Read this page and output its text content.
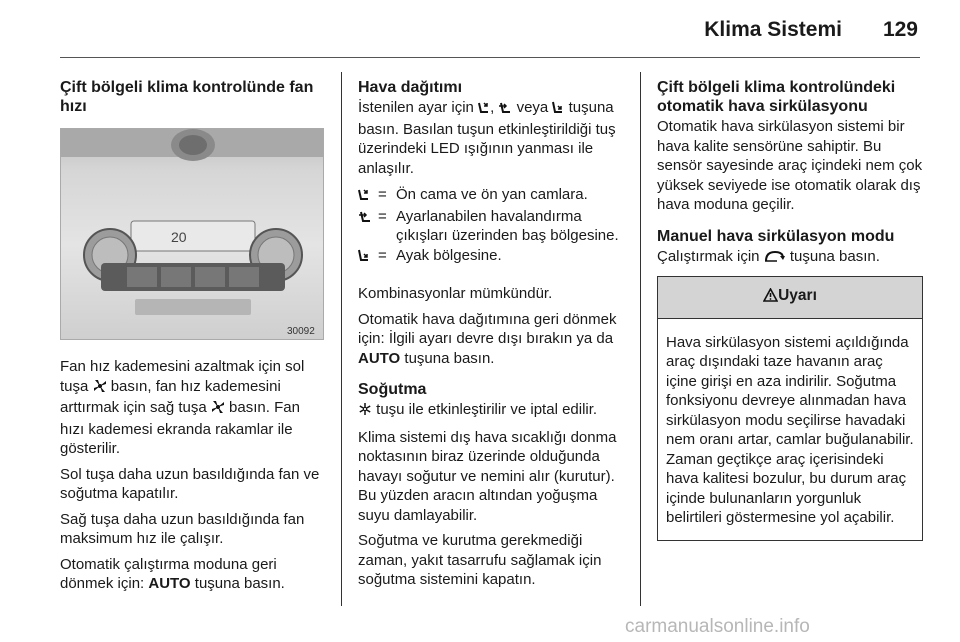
Klima Sistemi 129
Çift bölgeli klima kontrolünde fan hızı
20
30092

Fan hız kademesini azaltmak için sol tuşa  basın, fan hız kademesini arttırmak için sağ tuşa  basın. Fan hızı kademesi ekranda rakamlar ile gösterilir.

Sol tuşa daha uzun basıldığında fan ve soğutma kapatılır.

Sağ tuşa daha uzun basıldığında fan maksimum hız ile çalışır.

Otomatik çalıştırma moduna geri dönmek için: AUTO tuşuna basın.

Hava dağıtımı

İstenilen ayar için ,  veya  tuşuna basın. Basılan tuşun etkinleştirildiği tuş üzerindeki LED ışığının yanması ile anlaşılır.

= Ön cama ve ön yan camlara.
= Ayarlanabilen havalandırma çıkışları üzerinden baş bölgesine.
= Ayak bölgesine.

Kombinasyonlar mümkündür.

Otomatik hava dağıtımına geri dönmek için: İlgili ayarı devre dışı bırakın ya da AUTO tuşuna basın.

Soğutma

tuşu ile etkinleştirilir ve iptal edilir.

Klima sistemi dış hava sıcaklığı donma noktasının biraz üzerinde olduğunda havayı soğutur ve nemini alır (kurutur). Bu yüzden aracın altından yoğuşma suyu damlayabilir.

Soğutma ve kurutma gerekmediği zaman, yakıt tasarrufu sağlamak için soğutma sistemini kapatın.

Çift bölgeli klima kontrolündeki otomatik hava sirkülasyonu

Otomatik hava sirkülasyon sistemi bir hava kalite sensörüne sahiptir. Bu sensör sayesinde araç içindeki nem çok yüksek seviyede ise otomatik olarak dış hava moduna geçilir.

Manuel hava sirkülasyon modu

Çalıştırmak için  tuşuna basın.

Uyarı

Hava sirkülasyon sistemi açıldığında araç dışındaki taze havanın araç içine girişi en aza indirilir. Soğutma fonksiyonu devreye alınmadan hava sirkülasyon modu seçilirse havadaki nem oranı artar, camlar buğulanabilir. Zaman geçtikçe araç içerisindeki hava kalitesi bozulur, bu durum araç içinde bulunanların yorgunluk belirtileri göstermesine yol açabilir.

carmanualsonline.info
